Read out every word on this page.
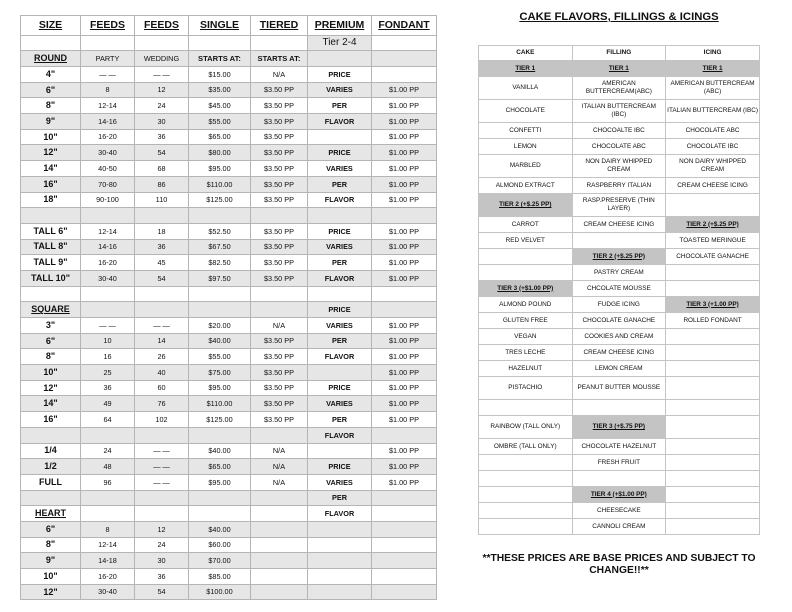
SIZE	FEEDS	FEEDS	SINGLE	TIERED	PREMIUM	FONDANT
					Tier 2-4	
ROUND	PARTY	WEDDING	STARTS AT:	STARTS AT:		
4"	— —	— —	$15.00	N/A	PRICE	
6"	8	12	$35.00	$3.50 PP	VARIES	$1.00 PP
8"	12-14	24	$45.00	$3.50 PP	PER	$1.00 PP
9"	14-16	30	$55.00	$3.50 PP	FLAVOR	$1.00 PP
10"	16-20	36	$65.00	$3.50 PP		$1.00 PP
12"	30-40	54	$80.00	$3.50 PP	PRICE	$1.00 PP
14"	40-50	68	$95.00	$3.50 PP	VARIES	$1.00 PP
16"	70-80	86	$110.00	$3.50 PP	PER	$1.00 PP
18"	90-100	110	$125.00	$3.50 PP	FLAVOR	$1.00 PP

TALL 6"	12-14	18	$52.50	$3.50 PP	PRICE	$1.00 PP
TALL 8"	14-16	36	$67.50	$3.50 PP	VARIES	$1.00 PP
TALL 9"	16-20	45	$82.50	$3.50 PP	PER	$1.00 PP
TALL 10"	30-40	54	$97.50	$3.50 PP	FLAVOR	$1.00 PP

SQUARE					PRICE	
3"	— —	— —	$20.00	N/A	VARIES	$1.00 PP
6"	10	14	$40.00	$3.50 PP	PER	$1.00 PP
8"	16	26	$55.00	$3.50 PP	FLAVOR	$1.00 PP
10"	25	40	$75.00	$3.50 PP		$1.00 PP
12"	36	60	$95.00	$3.50 PP	PRICE	$1.00 PP
14"	49	76	$110.00	$3.50 PP	VARIES	$1.00 PP
16"	64	102	$125.00	$3.50 PP	PER	$1.00 PP
					FLAVOR	
1/4	24	— —	$40.00	N/A		$1.00 PP
1/2	48	— —	$65.00	N/A	PRICE	$1.00 PP
FULL	96	— —	$95.00	N/A	VARIES	$1.00 PP
					PER	
HEART					FLAVOR	
6"	8	12	$40.00			
8"	12-14	24	$60.00			
9"	14-18	30	$70.00			
10"	16-20	36	$85.00			
12"	30-40	54	$100.00			
CAKE FLAVORS, FILLINGS & ICINGS
CAKE	FILLING	ICING
TIER 1	TIER 1	TIER 1
VANILLA	AMERICAN BUTTERCREAM(ABC)	AMERICAN BUTTERCREAM (ABC)
CHOCOLATE	ITALIAN BUTTERCREAM (IBC)	ITALIAN BUTTERCREAM (IBC)
CONFETTI	CHOCOALTE IBC	CHOCOLATE ABC
LEMON	CHOCOLATE ABC	CHOCOLATE IBC
MARBLED	NON DAIRY WHIPPED CREAM	NON DAIRY WHIPPED CREAM
ALMOND EXTRACT	RASPBERRY ITALIAN	CREAM CHEESE ICING
TIER 2 (+$.25 PP)	RASP.PRESERVE (THIN LAYER)	
CARROT	CREAM CHEESE ICING	TIER 2 (+$.25 PP)
RED VELVET		TOASTED MERINGUE
	TIER 2 (+$.25 PP)	CHOCOLATE GANACHE
	PASTRY CREAM	
TIER 3 (+$1.00 PP)	CHCOLATE MOUSSE	
ALMOND POUND	FUDGE ICING	TIER 3 (+1.00 PP)
GLUTEN FREE	CHOCOLATE GANACHE	ROLLED FONDANT
VEGAN	COOKIES AND CREAM	
TRES LECHE	CREAM CHEESE ICING	
HAZELNUT	LEMON CREAM	
PISTACHIO	PEANUT BUTTER MOUSSE	

RAINBOW (TALL ONLY)	TIER 3 (+$.75 PP)	
OMBRE (TALL ONLY)	CHOCOLATE HAZELNUT	
	FRESH FRUIT	

	TIER 4 (+$1.00 PP)	
	CHEESECAKE	
	CANNOLI CREAM	

**THESE PRICES ARE BASE PRICES AND SUBJECT TO CHANGE!!**
